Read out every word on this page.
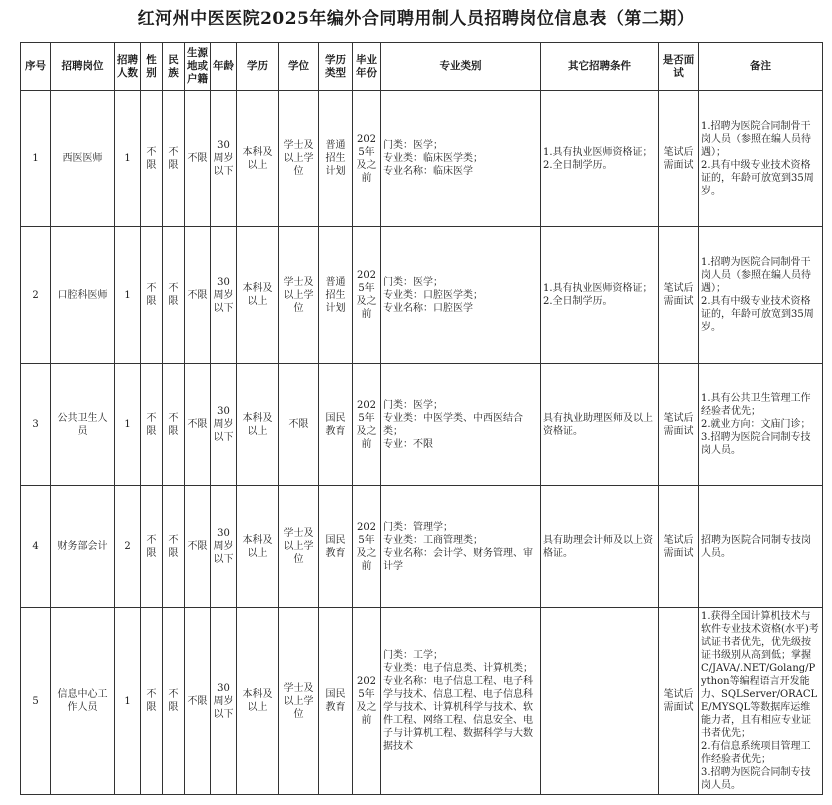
红河州中医医院2025年编外合同聘用制人员招聘岗位信息表（第二期）
序号	招聘岗位	招聘人数	性别	民族	生源地或户籍	年龄	学历	学位	学历类型	毕业年份	专业类别	其它招聘条件	是否面试	备注
1	西医医师	1	不限	不限	不限	30周岁以下	本科及以上	学士及以上学位	普通招生计划	2025年及之前	门类：医学；
专业类：临床医学类；
专业名称：临床医学	1.具有执业医师资格证；
2.全日制学历。	笔试后需面试	1.招聘为医院合同制骨干岗人员（参照在编人员待遇）；
2.具有中级专业技术资格证的，年龄可放宽到35周岁。
2	口腔科医师	1	不限	不限	不限	30周岁以下	本科及以上	学士及以上学位	普通招生计划	2025年及之前	门类：医学；
专业类：口腔医学类；
专业名称：口腔医学	1.具有执业医师资格证；
2.全日制学历。	笔试后需面试	1.招聘为医院合同制骨干岗人员（参照在编人员待遇）；
2.具有中级专业技术资格证的，年龄可放宽到35周岁。
3	公共卫生人员	1	不限	不限	不限	30周岁以下	本科及以上	不限	国民教育	2025年及之前	门类：医学；
专业类：中医学类、中西医结合类；
专业：不限	具有执业助理医师及以上资格证。	笔试后需面试	1.具有公共卫生管理工作经验者优先；
2.就业方向：文庙门诊；
3.招聘为医院合同制专技岗人员。
4	财务部会计	2	不限	不限	不限	30周岁以下	本科及以上	学士及以上学位	国民教育	2025年及之前	门类：管理学；
专业类：工商管理类；
专业名称：会计学、财务管理、审计学	具有助理会计师及以上资格证。	笔试后需面试	招聘为医院合同制专技岗人员。
5	信息中心工作人员	1	不限	不限	不限	30周岁以下	本科及以上	学士及以上学位	国民教育	2025年及之前	门类：工学；
专业类：电子信息类、计算机类；
专业名称：电子信息工程、电子科学与技术、信息工程、电子信息科学与技术、计算机科学与技术、软件工程、网络工程、信息安全、电子与计算机工程、数据科学与大数据技术		笔试后需面试	1.获得全国计算机技术与软件专业技术资格(水平)考试证书者优先，优先级按证书级别从高到低；掌握C/JAVA/.NET/Golang/Python等编程语言开发能力、SQLServer/ORACLE/MYSQL等数据库运维能力者，且有相应专业证书者优先；
2.有信息系统项目管理工作经验者优先；
3.招聘为医院合同制专技岗人员。
